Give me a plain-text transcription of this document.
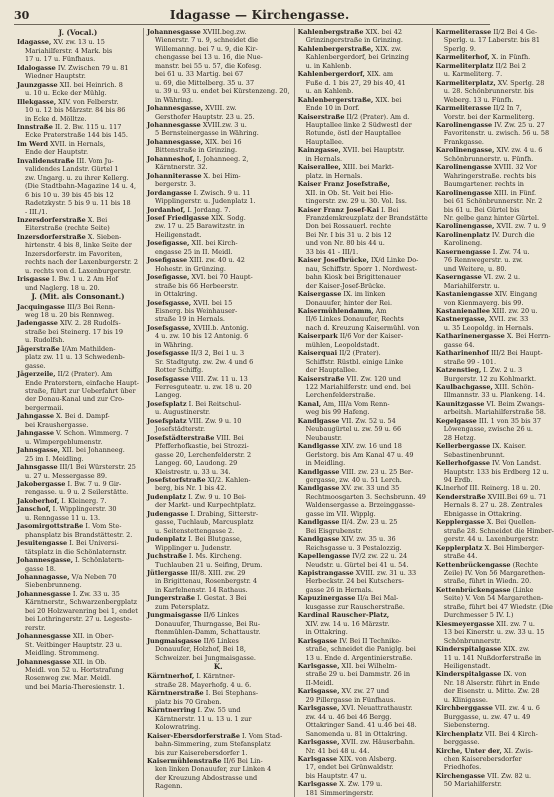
30	Idagasse — Kirchengasse.
J. (Vocal.)
Idagasse, XV. zw. 13 u. 15
Mariahilferstr. 4 Mark. bis
17 u. 17 u. Fünfhaus.
Idalogasse IV. Zwischen 79 u. 81
Wiedner Hauptstr.
Jaunzgasse XII. bei Heinrich. 8
u. 10 u. Ecke der Mühlg.
Illekgasse, XIV. von Felberstr.
10 u. 12 bis Märzstr. 84 bis 86
in Ecke d. Mölltze.
Innstraße II. 2. Bw. 115 u. 117
Ecke Praterstraße 144 bis 145.
Im Werd XVII. in Hernals,
Ende der Hauptstr.
Invalidenstraße III. Vom Ju-
validendes Landstr. Gürtel 1
zw. Ungarg. u. zu ihrer Kellerg.
(Die Stadtbahn-Magazine 14 u. 4,
6 bis 10 u. 39 bis 45 bis 12
Radetzkystr. 5 bis 9 u. 11 bis 18
- III./1.
Inzersdorferstraße X. Bei
Eiterstraße (rechte Seite)
Inzersdorferstraße X. Sieben-
hirtenstr. 4 bis 8, linke Seite der
Inzersdorferstr. im Favoriten,
rechts nach der Laxenburgerstr. 2
u. rechts von d. Laxenburgerstr.
Irisgasse I. Bw. 1 u. 2 Am Hof
und Naglerg. 18 u. 20.
J. (Mit. als Consonant.)
Jacquingasse III/3 Bei Renn-
weg 18 u. 20 bis Rennweg.
Jadengasse XIV. 2. 28 Rudolfs-
straße bei Steinerg. 17 bis 19
u. Rudolfsh.
Jägerstraße I/Am Mathilden-
platz zw. 11 u. 13 Schwedenb-
gasse.
Jägerzeile, II/2 (Prater). Am
Ende Praterstern, einfache Haupt-
straße, führt zur Ueberfahrt über
der Donau-Kanal und zur Cro-
bergermaii.
Jahngasse X. Bei d. Dampf-
bei Kraushergasse.
Jahngasse V. Schon. Wimmerg. 7
u. Wimpergeblumenstr.
Jahnsgasse, XII. bei Johanneeg.
25 im I. Meidling.
Jahnsgasse III/1 Bei Würsterstr. 25
u. 27 u. Messergasse 89.
Jakobergasse I. Bw. 7 u. 9 Gir-
rengasse. u. 9 u. 2 Seilerstätte.
Jakoberhof, I. Kleinerg. 7.
Janschof, I. Wipplingerstr. 30
u. Renngasse 11 u. 13.
Jasomirgottstraße I. Vom Ste-
phansplatz bis Brandstättestr. 2.
Jesuitengasse I. Bei Universi-
tätsplatz in die Schönlaternstr.
Johannesgasse, I. Schönlatern-
gasse 18.
Johannagasse, V/a Neben 70
Siebenbrunneng.
Johannesgasse I. Zw. 33 u. 35
Kärntnerstr., Schwarzenbergplatz
bei 20 Holzwarenring bei 1, endet
bei Lothringerstr. 27 u. Legeste-
rerstr.
Johannesgasse XII. in Ober-
St. Veitbinger Hauptstr. 23 u.
Meidling. Strommeng.
Johannesgasse XII. in Ob.
Meidl. von 52 u. Hortstrafung
Rosenweg zw. Mar. Meidl.
und bei Maria-Theresienstr. 1.
Johannesgasse XVIII.beg.zw.
Wienerstr. 7 u. 9, schneidet die
Willemanng. bei 7 u. 9, die Kir-
chengasse bei 13 u. 16, die Nue-
manstr. bei 55 u. 57, die Kofesg.
bei 61 u. 33 Martig. bei 67
u. 69, die Mittelberg. 35 u. 37
u. 39 u. 93 u. endet bei Kürstenzeng. 20,
in Währing.
Johannesgasse, XVIII. zw.
Gersthofer Hauptstr. 23 u. 25.
Johannesgasse XVIII.zw. 3 u.
5 Bernsteinergasse in Währing.
Johannesgasse, XIX. bei 16
Bittenstraße in Grinzing.
Johanneshof, I. Johanneeg. 2,
Kärntnerstr. 32.
Johanniterasse X. bei Him-
bergerstr. 3.
Jordangasse I. Zwisch. 9 u. 11
Wipplingerstr. u. Judenplatz 1.
Jordanhof, I. Jordang. 7.
Josef Friedlgasse XIX. Sodg.
zw. 17 u. 25 Barawitzstr. in
Heiligenstadt.
Josefigasse, XII. bei Kirch-
engasse 25 in II. Meidl.
Josefigasse XIII. zw. 40 u. 42
Hohestr. in Grünzing.
Josefigasse, XVI. bei 70 Haupt-
straße bis 66 Herbeerstr.
in Ottakring.
Josefsgasse, XVII. bei 15
Eisnerg. bis Weinhauser-
straße 19 in Hernals.
Josefsgasse, XVIII.b. Antonig.
4 u. zw. 10 bis 12 Antonig. 6
in Währing.
Josefsgasse II/3 2, Bei 1 u. 3
Sr. Stadtgutg. zw. 2w. 4 und 6
Rotter Schiffg.
Josefsgasse VIII. Zw. 11 u. 13
Ferresguteatr. u. zw. 18 u. 20
Langeg.
Josefsplatz I. Bei Reitschul-
u. Augustinerstr.
Josefsplatz VIII. Zw. 9 u. 10
Josefstädterstr.
Josefstädterstraße VIII. Bei
Pfefferhofkastie, bei Strozzi-
gasse 20, Lerchenfelderstr. 2
Langeg. 60, Laudong. 29
Kleistrestr. u. 33 u. 34.
Josefstorfstraße XI/2. Kahlen-
berg, bis Nr. 1 bis 42.
Judenplatz I. Zw. 9 u. 10 Bei-
der Markt- und Kurpechtplatz.
Judengasse I. Drabing, Sitterstr-
gasse, Tuchlaub, Marcusplatz
u. Seitenstettengasse 2.
Judenplatz I. Bei Blutgasse,
Wipplinger u. Judenstr.
Juchstraße I. Ms. Kircheng.
Tuchlauben 21 u. Seifing, Drum.
Jütlergasse III/8. XIII. zw. 29
in Brigittenau, Rosenbergstr. 4
in Karfelnenstr. 14 Rathaus.
Jungerstraße I. Gestat. 3 Bei
zum Petersplatz.
Jungmaisgasse II/6 Linkes
Donauufer, Thurngasse, Bei Ru-
ftenmühlen-Damm, Schattaustr.
Jungmaisgasse II/6 Linkes
Donauufer, Holzhof, Bei 18,
Schweizer. bei Jungmaisgasse.
K.
Kärntnerhof, I. Kärntner-
straße 28. Mayerhofg. 4 u. 6.
Kärntnerstraße I. Bei Stephans-
platz bis 70 Graben.
Kärntnerring I. Zw. 55 und
Kärntnerstr. 11 u. 13 u. 1 zur
Kolowratring.
Kaiser-Ebersdorferstraße I. Vom Stad-
bahn-Simmering, zum Stefansplatz
bis zur Kaiserebersdorfer 1.
Kaisermühlenstraße II/6 Bei Lin-
ken linken Donauufer, zur Linken 4
der Kreuzung Abdostrasse und
Ragenn.
Kahlenbergstraße XIX. bei 42
Grinzingerstraße in Grinzing.
Kahlenbergerstraße, XIX. zw.
Kahlenbergerdorf, bei Grinzing
u. in Kahlenb.
Kahlenbergerdorf, XIX. am
Fuße d. 1 bis 27, 29 bis 40, 41
u. an Kahlenb.
Kahlenbergerstraße, XIX. bei
Ende 10 in Dorf.
Kaiserstraße II/2 (Prater). Am d.
Hauptallee linke 2 Südwestl der
Rotunde, östl der Hauptallee
Hauptallee.
Kainzgasse, XVII. bei Hauptstr.
in Hernals.
Kaiserallee, XIII. bei Markt-
platz. in Hernals.
Kaiser Franz Josefstraße,
XII. in Ob. St. Veit bei Hie-
tingerstr. zw. 29 u. 30. Vol. Iss.
Kaiser Franz Josef-Kai I. Bei
Franzdemkreuzplatz der Brandstätte
Don bei Rossauerl. rechte
Bei Nr. I bis 31 u. 2 bis 12
und von Nr. 80 bis 44 u.
33 bis 41 - III/1.
Kaiser Josefbrücke, IX/d Linke Do-
nau, Schiffstr. Sporr 1. Nordwest-
bahn Kiosk bei Brigittenauer
der Kaiser-Josef-Brücke.
Kaisergasse IX. im linken
Donauufer, hinter der Rei.
Kaisermühlendamm, Am
II/6 Linkes Donauufer, Rechts
nach d. Kreuzung Kaisermühl. von
Kaiserpark II/6 Vor der Kaiser-
mühlen, Leopoldstadt.
Kaiserquai II/2 (Prater).
Schiffstr. Rüstbl. einige Linke
der Hauptallee.
Kaiserstraße VII. Zw. 120 und
122 Mariahilferstr. und end. bei
Lerchenfelderstraße.
Kanal, Am, III/a Vom Renn-
weg bis 99 Hafeng.
Kandlgasse VII. Zw. 52 u. 54
Neubaugürtel u. zw. 59 u. 66
Neubaustr.
Kandlgasse XIV. zw. 16 und 18
Gerlstorg. bis Am Kanal 47 u. 49
in Meidling.
Kandlgasse VIII. zw. 23 u. 25 Ber-
gergasse, zw. 40 u. 51 Lerch.
Kandlgasse XV. zw. 33 und 35
Rechtmoosgarten 3. Sechsbrunn. 49
Waldensergasse a. Brzeinggasse-
gasse im VII. Wipplg.
Kandlgasse II/4. Zw. 23 u. 25
Bei Eisgrubenstr.
Kandlgasse XIV. zw. 35 u. 36
Reichsgasse u. 3 Pestalozzig.
Kapellengasse IV/2 zw. 22 u. 24
Neudstr. u. Gürtel bei 41 u. 54.
Kapistrangasse XVIII. zw. 31 u. 33
Herbeckstr. 24 bei Kutschers-
gasse 26 in Hernals.
Kapuzinergasse II/a Bei Mal-
kusgasse zur Rauscherstraße.
Kardinal Rauscher-Platz,
XIV. zw. 14 u. 16 Märzstr.
in Ottakring.
Karlsgasse IV. Bei II Technike-
straße, schneidet die Paniglg. bei
13 u. Ende d. Argentinierstraße.
Karlsgasse, XII. bei Wilhelm-
straße 29 u. bei Dammstr. 26 in
II-Meidl.
Karlsgasse, XV. zw. 27 und
29 Pillergasse in Fünfhaus.
Karlsgasse, XVI. Neuattrathaustr.
zw. 44 u. 46 bei 46 Bergg.
Ottakringer Sand. 41 u.46 bei 48.
Sanomenda u. 81 in Ottakring.
Karlsgasse, XVII. zw. Häuserbahn.
Nr. 41 bei 48 u. 44.
Karlsgasse XIX. von Alsberg.
17, endet bei Grünwaldstr.
bis Hauptstr. 47 u.
Karlsgasse X. Zw. 179 u.
181 Simmeringerstr.
Karmeliterasse II/2 Bei 4 Ge-
Sperlg. u. 17 Laberstr. bis 81
Sperlg. 9.
Karmeliterhof, X. in Fünfh.
Karmeliterplatz II/2 Bei 2
u. Karmeliterg. 7.
Karmeliterplatz, XV. Sperlg. 28
u. 28. Schönbrunnerstr. bis
Weberg. 13 u. Fünfh.
Karmeliterasse II/2 In 7,
Vorstr. bei der Karmeliterg.
Karolinengasse IV. Zw. 25 u. 27
Favoritenstr. u. zwisch. 56 u. 58
Frankgasse.
Karolinengasse, XIV. zw. 4 u. 6
Schönbrunnerstr. u. Fünfh.
Karolinengasse XVIII. 32 Vor
Wahringerstraße. rechts bis
Baumgartener. rechts in
Karolinengasse XIII. in Fünf.
bei 61 Schönbrunnerstr. Nr. 2
bis 61 u. Bei Gürtel bis
Nr. gelbe ganz hinter Gürtel.
Karolinengasse, XVII. zw. 7 u. 9
Karolinenplatz IV. Durch die
Karolineng.
Kasernengasse I. Zw. 74 u.
76 Rennwegerstr. u. zw.
und Weitere, u. 80.
Kaserngasse VI. zw. 2 u.
Mariahilferstr. u.
Kastaniengasse XIV. Eingang
von Kienmayerg. bis 99.
Kastanienallee XIII. zw. 20 u.
Kastnergasse, XVII. zw. 33
u. 35 Leopoldg. in Hernals.
Katharinenergasse X. Bei Herrn-
gasse 64.
Katharinenhof III/2 Bei Haupt-
straße 99 - 101.
Katzenstieg, I. Zw. 2 u. 3
Burgerstr. 12 zu Kohlmarkt.
Kaulbachgasse, XIII. Schön-
Illmannstr. 33 u. Plankeng. 14.
Kaunitzgasse VI. Beim Zwangs-
arbeitsh. Mariahilferstraße 58.
Kegelgasse III. 1 von 35 bis 37
Löwengasse, zwische 26 u.
28 Hetzg.
Kellerbergasse IX. Kaiser.
Sebastinenbrunnt.
Kellerhofgasse IV. Von Landst.
Hauptstr. 133 bis Erdberg 12 u.
94 Erdb.
K.lnerhof III. Reinerg. 18 u. 20.
Kenderstraße XVIII.Bei 69 u. 71
Hernals 8. 27 u. 28. Zentrales
Ebnigasse in Ottakring.
Kepplergasse X. Bei Quellen-
straße 28. Schneidet die Himber-
gerstr. 44 u. Laxenburgerstr.
Kepplerplatz X. Bei Himberger-
straße 44.
Kettenbrückengasse (Rechte
Zeile) IV. Von 56 Margarethen-
straße, führt in Wiedn. 20.
Kettenbrückengasse (Linke
Seite) V. Von 54 Margarethen-
straße, führt bei 47 Wiedstr. (Die
Durchmesser 5 IV. I.)
Kiesmeyergasse XII. zw. 7 u.
13 bei Kinerstr. u. zw. 33 u. 15
Schönbrunnerstr.
Kinderspitalgasse XIX. zw.
11 u. 141 Nußdorferstraße in
Heiligenstadt.
Kinderspitalgasse IX. von
Nr. 18 Alserstr. führt in Ende
der Eisenstr. u. Mitte. Zw. 28
u. Klinigasse.
Kirchberggasse VII. zw. 4 u. 6
Burggasse, u. zw. 47 u. 49
Siebensterng.
Kirchenplatz VII. Bei 4 Kirch-
berggasse.
Kirche, Unter der, XI. Zwis-
chen Kaiserebersdorfer
Friedhofes.
Kirchengasse VII. Zw. 82 u.
50 Mariahilferstr.
